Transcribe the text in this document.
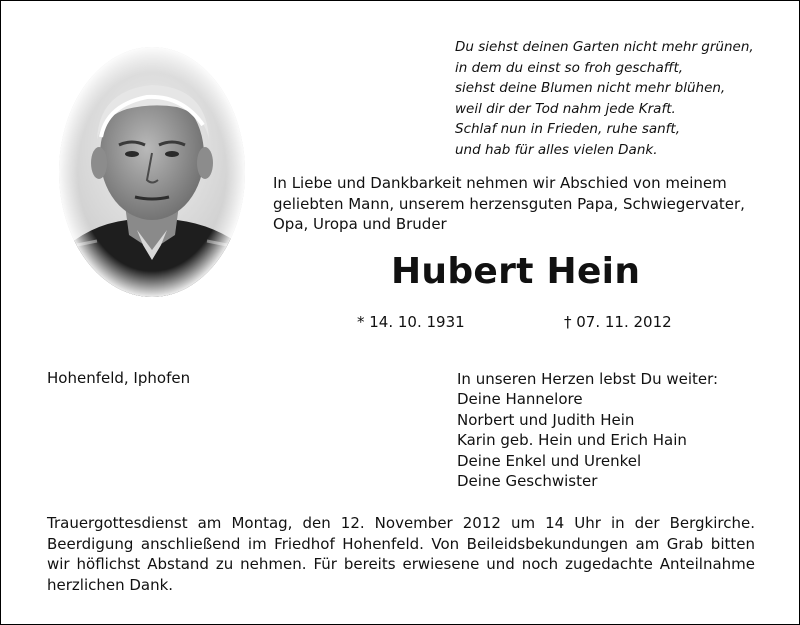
Du siehst deinen Garten nicht mehr grünen,
in dem du einst so froh geschafft,
siehst deine Blumen nicht mehr blühen,
weil dir der Tod nahm jede Kraft.
Schlaf nun in Frieden, ruhe sanft,
und hab für alles vielen Dank.
In Liebe und Dankbarkeit nehmen wir Abschied von meinem
geliebten Mann, unserem herzensguten Papa, Schwiegervater,
Opa, Uropa und Bruder
Hubert Hein
* 14. 10. 1931	† 07. 11. 2012
Hohenfeld, Iphofen	In unseren Herzen lebst Du weiter:
Deine Hannelore
Norbert und Judith Hein
Karin geb. Hein und Erich Hain
Deine Enkel und Urenkel
Deine Geschwister
Trauergottesdienst am Montag, den 12. November 2012 um 14 Uhr in der Bergkirche.
Beerdigung anschließend im Friedhof Hohenfeld. Von Beileidsbekundungen am Grab bitten
wir höflichst Abstand zu nehmen. Für bereits erwiesene und noch zugedachte Anteilnahme
herzlichen Dank.
